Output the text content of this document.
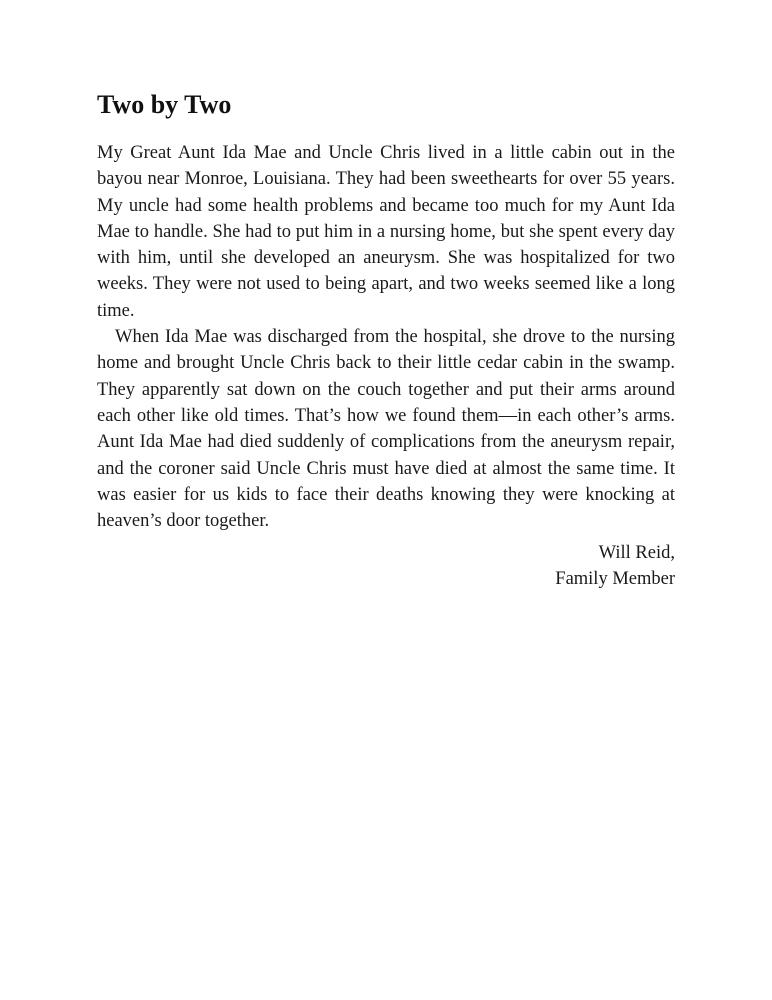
Two by Two

My Great Aunt Ida Mae and Uncle Chris lived in a little cabin out in the bayou near Monroe, Louisiana. They had been sweethearts for over 55 years. My uncle had some health problems and became too much for my Aunt Ida Mae to handle. She had to put him in a nursing home, but she spent every day with him, until she developed an aneurysm. She was hospitalized for two weeks. They were not used to being apart, and two weeks seemed like a long time.

When Ida Mae was discharged from the hospital, she drove to the nursing home and brought Uncle Chris back to their little cedar cabin in the swamp. They apparently sat down on the couch together and put their arms around each other like old times. That’s how we found them—in each other’s arms. Aunt Ida Mae had died suddenly of complications from the aneurysm repair, and the coroner said Uncle Chris must have died at almost the same time. It was easier for us kids to face their deaths knowing they were knocking at heaven’s door together.

Will Reid,
Family Member
